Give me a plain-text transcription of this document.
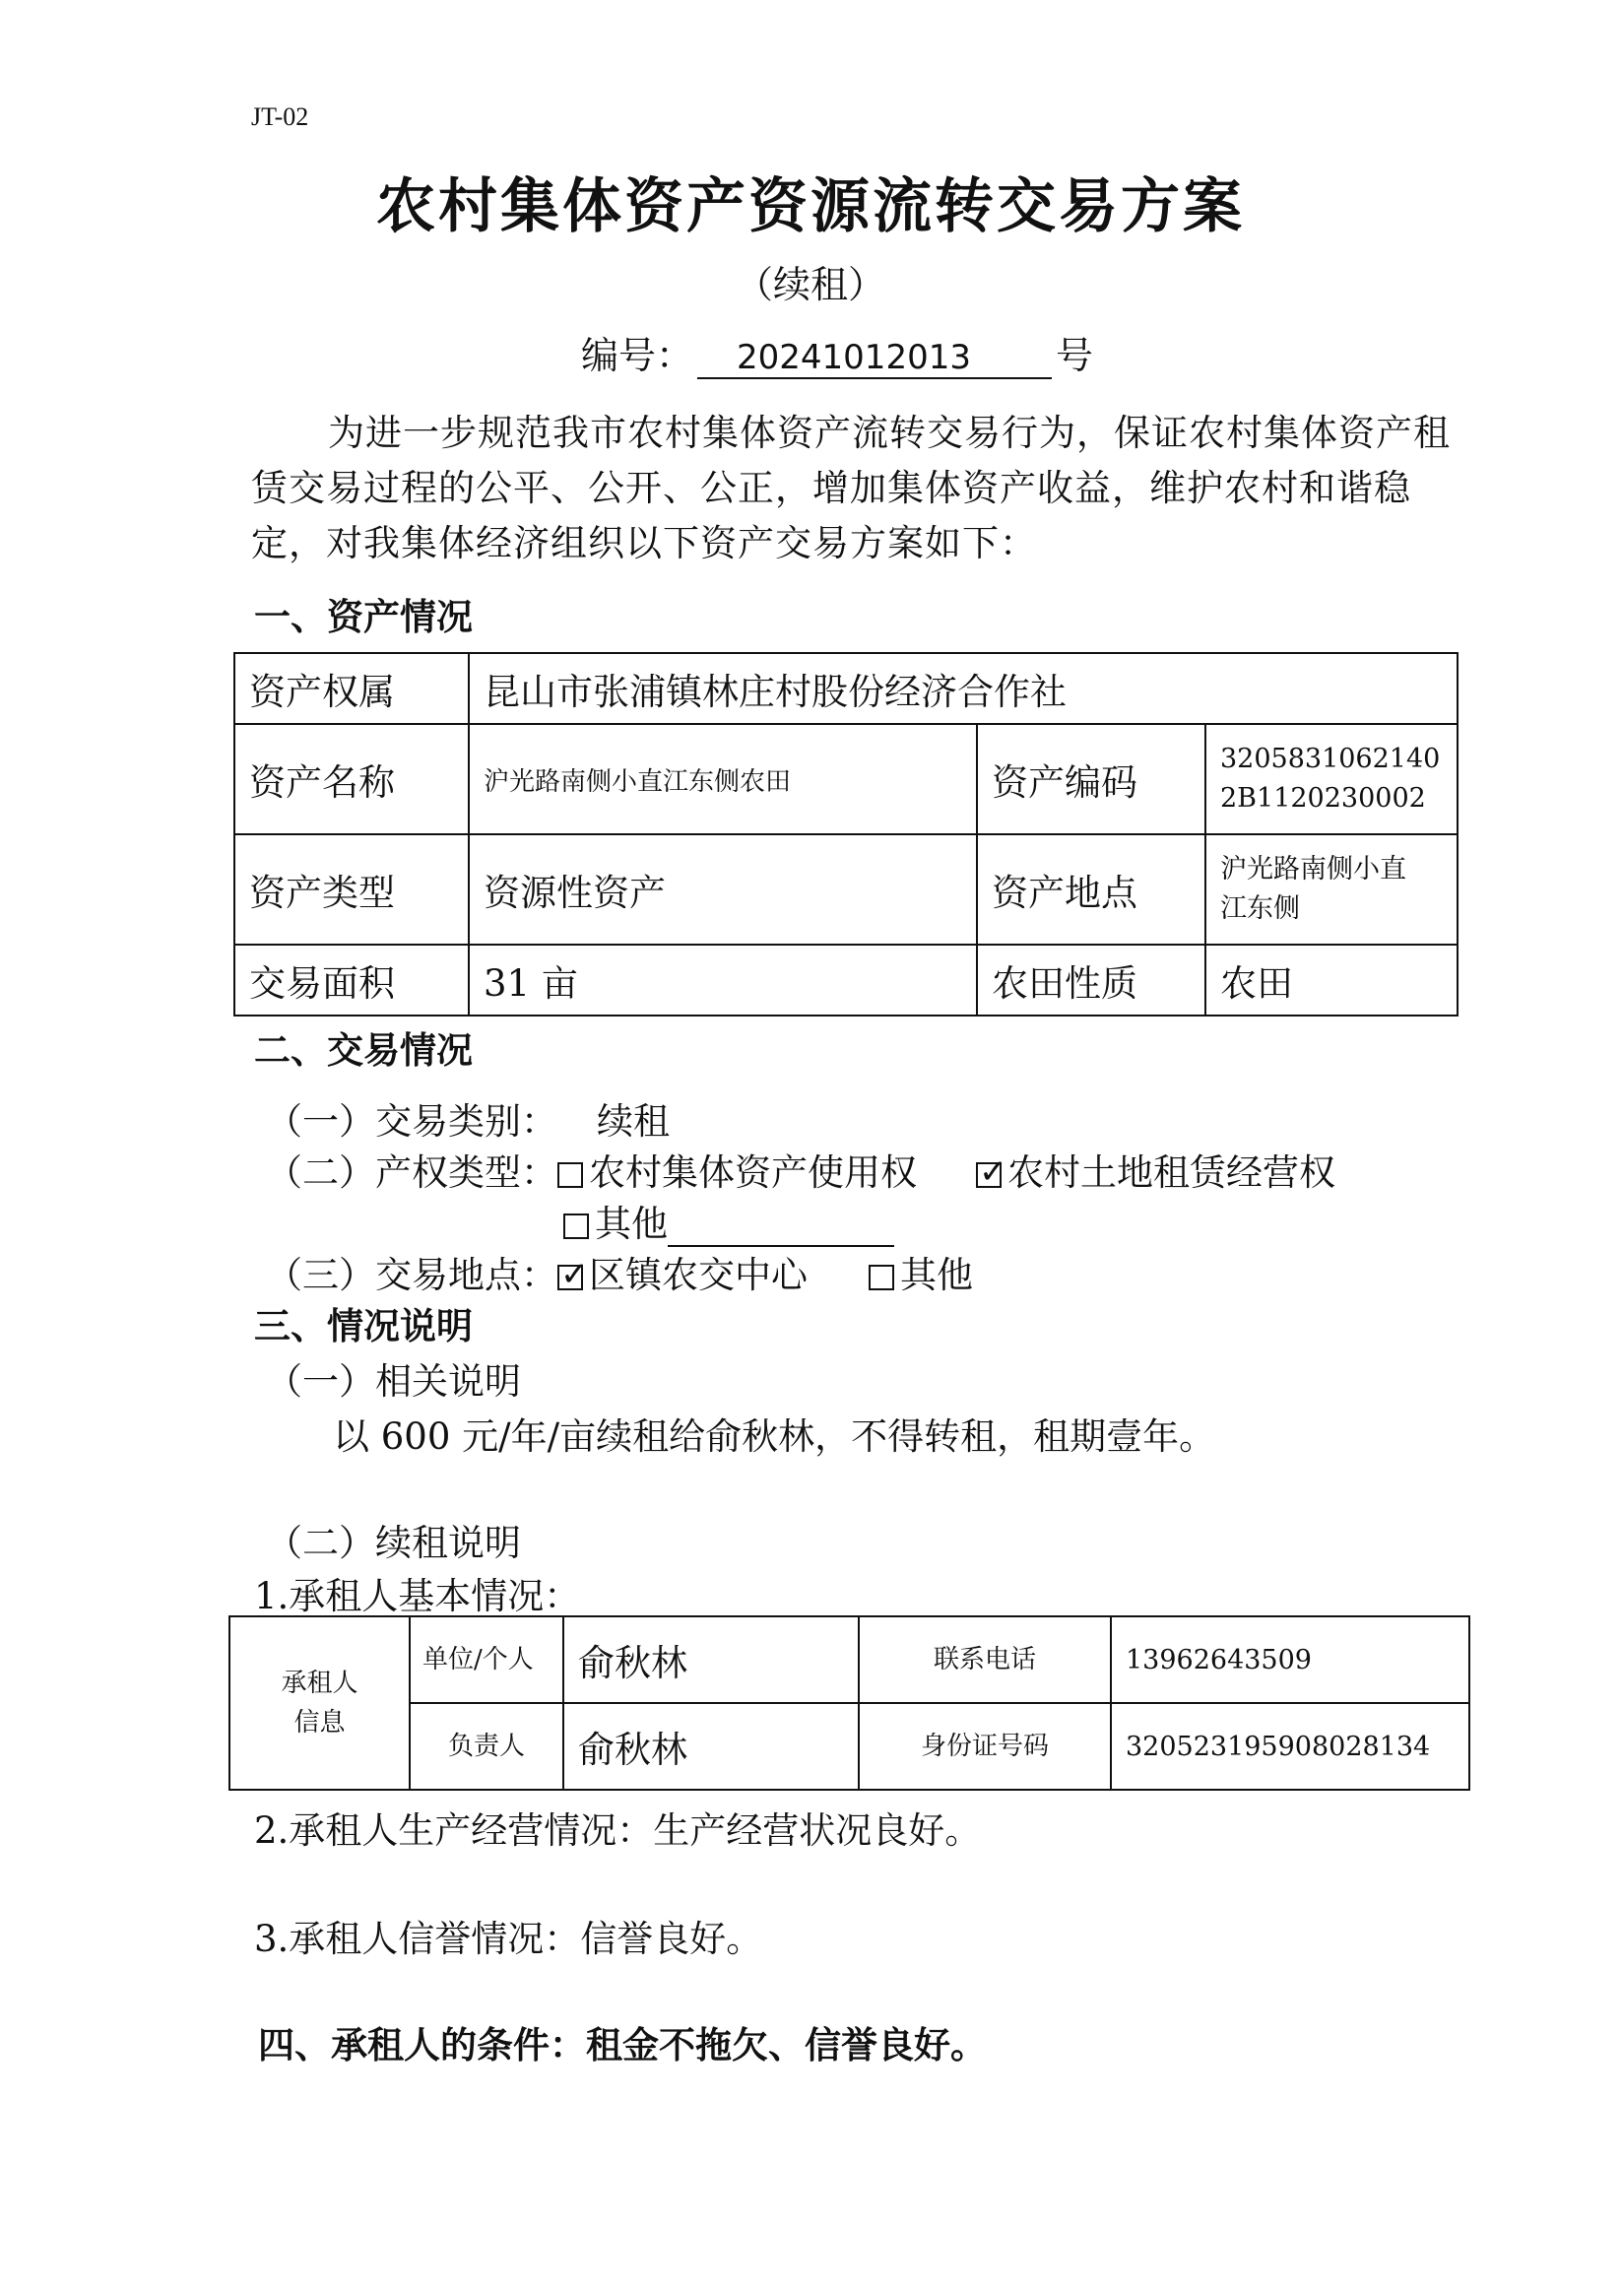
JT-02
农村集体资产资源流转交易方案
（续租）
编号： 20241012013 号
为进一步规范我市农村集体资产流转交易行为，保证农村集体资产租赁交易过程的公平、公开、公正，增加集体资产收益，维护农村和谐稳定，对我集体经济组织以下资产交易方案如下：
一、资产情况
资产权属	昆山市张浦镇林庄村股份经济合作社		
资产名称	沪光路南侧小直江东侧农田	资产编码	3205831062140
2B1120230002

资产类型	资源性资产	资产地点	沪光路南侧小直
江东侧

交易面积	31 亩	农田性质	农田
二、交易情况
（一）交易类别： 续租
（二）产权类型： 农村集体资产使用权 ✓ 农村土地租赁经营权
其他
（三）交易地点： ✓ 区镇农交中心	其他
三、情况说明
（一）相关说明
以 600 元/年/亩续租给俞秋林，不得转租，租期壹年。
（二）续租说明
1.承租人基本情况：
承租人信息	单位/个人	俞秋林	联系电话	13962643509
	负责人	俞秋林	身份证号码	320523195908028134
2.承租人生产经营情况：生产经营状况良好。
3.承租人信誉情况：信誉良好。
四、承租人的条件：租金不拖欠、信誉良好。
